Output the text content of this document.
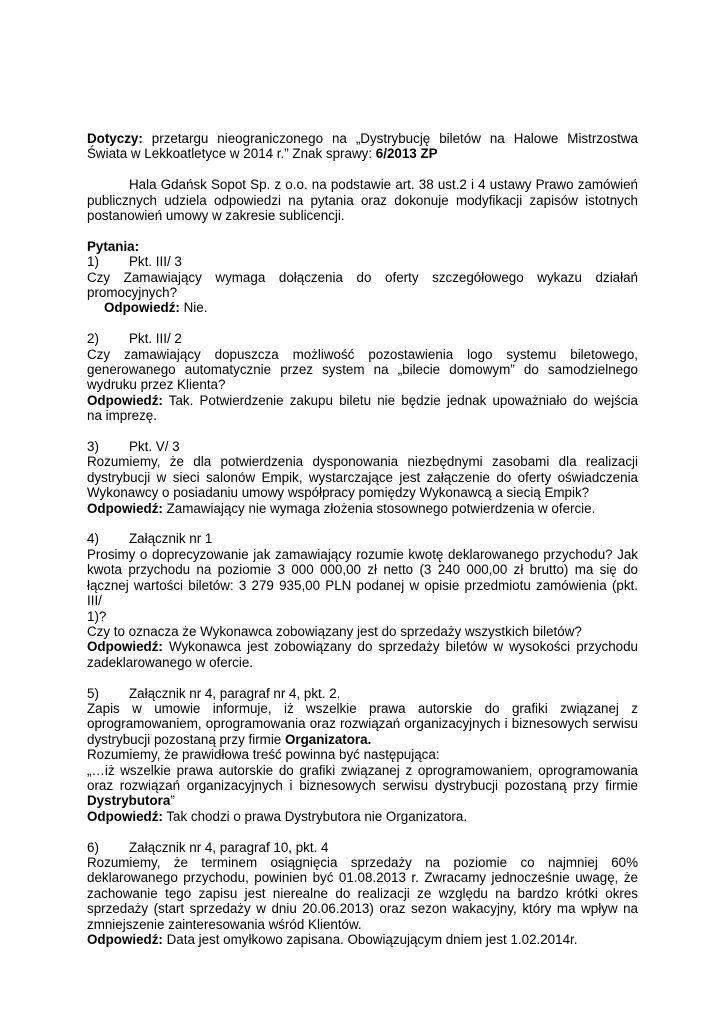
Dotyczy: przetargu nieograniczonego na „Dystrybucję biletów na Halowe Mistrzostwa

Świata w Lekkoatletyce w 2014 r.” Znak sprawy: 6/2013 ZP

Hala Gdańsk Sopot Sp. z o.o. na podstawie art. 38 ust.2 i 4 ustawy Prawo zamówień

publicznych udziela odpowiedzi na pytania oraz dokonuje modyfikacji zapisów istotnych

postanowień umowy w zakresie sublicencji.

Pytania:

1) Pkt. III/ 3

Czy Zamawiający wymaga dołączenia do oferty szczegółowego wykazu działań

promocyjnych?

Odpowiedź: Nie.

2) Pkt. III/ 2

Czy zamawiający dopuszcza możliwość pozostawienia logo systemu biletowego,

generowanego automatycznie przez system na „bilecie domowym” do samodzielnego

wydruku przez Klienta?

Odpowiedź: Tak. Potwierdzenie zakupu biletu nie będzie jednak upoważniało do wejścia

na imprezę.

3) Pkt. V/ 3

Rozumiemy, że dla potwierdzenia dysponowania niezbędnymi zasobami dla realizacji

dystrybucji w sieci salonów Empik, wystarczające jest załączenie do oferty oświadczenia

Wykonawcy o posiadaniu umowy współpracy pomiędzy Wykonawcą a siecią Empik?

Odpowiedź: Zamawiający nie wymaga złożenia stosownego potwierdzenia w ofercie.

4) Załącznik nr 1

Prosimy o doprecyzowanie jak zamawiający rozumie kwotę deklarowanego przychodu? Jak

kwota przychodu na poziomie 3 000 000,00 zł netto (3 240 000,00 zł brutto) ma się do

łącznej wartości biletów: 3 279 935,00 PLN podanej w opisie przedmiotu zamówienia (pkt. III/

1)?

Czy to oznacza że Wykonawca zobowiązany jest do sprzedaży wszystkich biletów?

Odpowiedź: Wykonawca jest zobowiązany do sprzedaży biletów w wysokości przychodu

zadeklarowanego w ofercie.

5) Załącznik nr 4, paragraf nr 4, pkt. 2.

Zapis w umowie informuje, iż wszelkie prawa autorskie do grafiki związanej z

oprogramowaniem, oprogramowania oraz rozwiązań organizacyjnych i biznesowych serwisu

dystrybucji pozostaną przy firmie Organizatora.

Rozumiemy, że prawidłowa treść powinna być następująca:

„…iż wszelkie prawa autorskie do grafiki związanej z oprogramowaniem, oprogramowania

oraz rozwiązań organizacyjnych i biznesowych serwisu dystrybucji pozostaną przy firmie

Dystrybutora”

Odpowiedź: Tak chodzi o prawa Dystrybutora nie Organizatora.

6) Załącznik nr 4, paragraf 10, pkt. 4

Rozumiemy, że terminem osiągnięcia sprzedaży na poziomie co najmniej 60%

deklarowanego przychodu, powinien być 01.08.2013 r. Zwracamy jednocześnie uwagę, że

zachowanie tego zapisu jest nierealne do realizacji ze względu na bardzo krótki okres

sprzedaży (start sprzedaży w dniu 20.06.2013) oraz sezon wakacyjny, który ma wpływ na

zmniejszenie zainteresowania wśród Klientów.

Odpowiedź: Data jest omyłkowo zapisana. Obowiązującym dniem jest 1.02.2014r.
